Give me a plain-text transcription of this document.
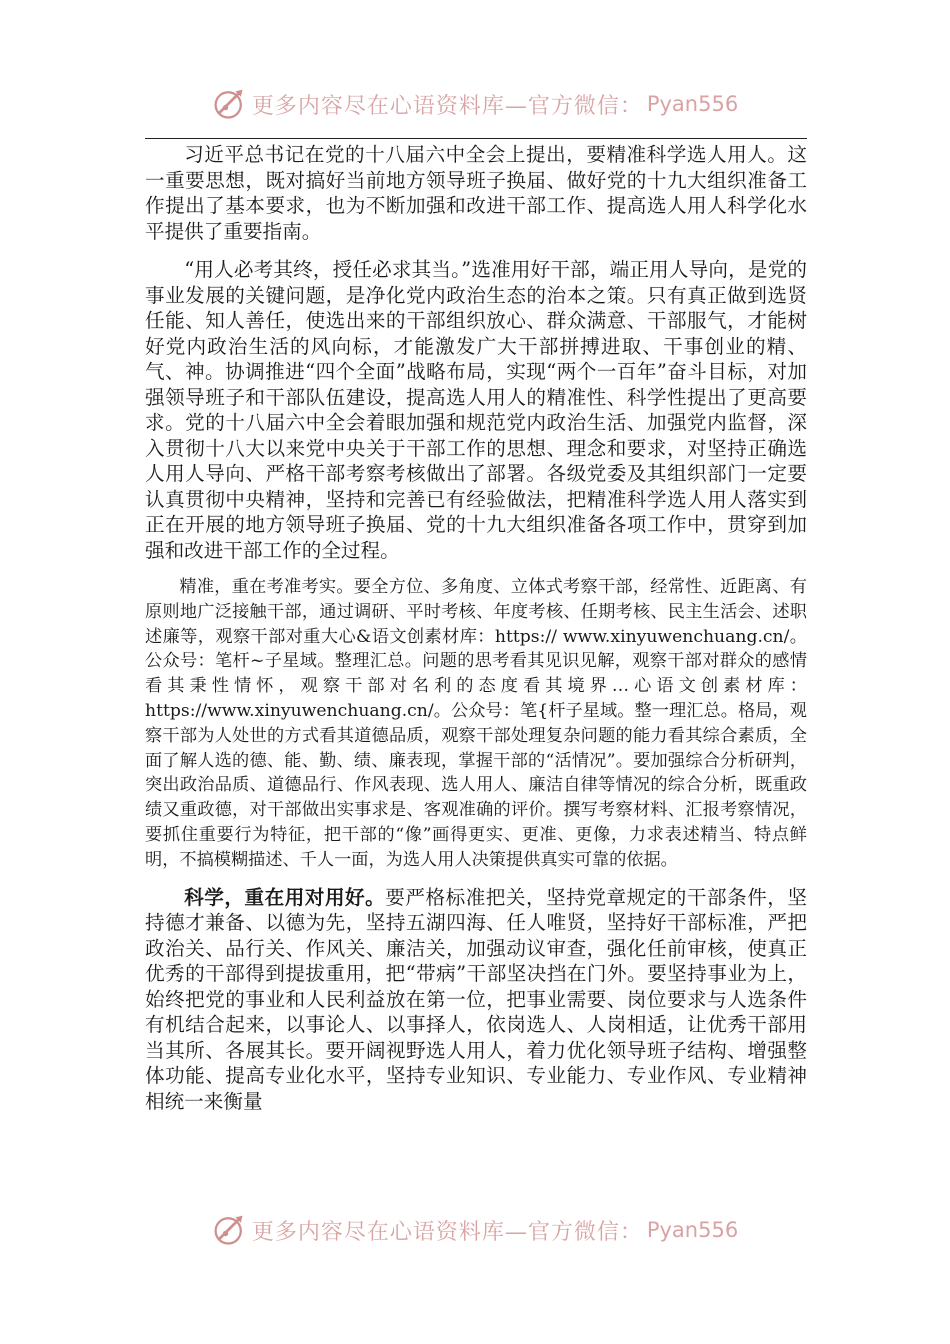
更多内容尽在心语资料库—官方微信： Pyan556

习近平总书记在党的十八届六中全会上提出，要精准科学选人用人。这一重要思想，既对搞好当前地方领导班子换届、做好党的十九大组织准备工作提出了基本要求，也为不断加强和改进干部工作、提高选人用人科学化水平提供了重要指南。

“用人必考其终，授任必求其当。”选准用好干部，端正用人导向，是党的事业发展的关键问题，是净化党内政治生态的治本之策。只有真正做到选贤任能、知人善任，使选出来的干部组织放心、群众满意、干部服气，才能树好党内政治生活的风向标，才能激发广大干部拼搏进取、干事创业的精、气、神。协调推进“四个全面”战略布局，实现“两个一百年”奋斗目标，对加强领导班子和干部队伍建设，提高选人用人的精准性、科学性提出了更高要求。党的十八届六中全会着眼加强和规范党内政治生活、加强党内监督，深入贯彻十八大以来党中央关于干部工作的思想、理念和要求，对坚持正确选人用人导向、严格干部考察考核做出了部署。各级党委及其组织部门一定要认真贯彻中央精神，坚持和完善已有经验做法，把精准科学选人用人落实到正在开展的地方领导班子换届、党的十九大组织准备各项工作中，贯穿到加强和改进干部工作的全过程。

精准，重在考准考实。要全方位、多角度、立体式考察干部，经常性、近距离、有原则地广泛接触干部，通过调研、平时考核、年度考核、任期考核、民主生活会、述职述廉等，观察干部对重大心&语文创素材库：https:// www.xinyuwenchuang.cn/。公众号：笔杆~子星域。整理汇总。问题的思考看其见识见解，观察干部对群众的感情看其秉性情怀，观察干部对名利的态度看其境界…心语文创素材库：https://www.xinyuwenchuang.cn/。公众号：笔{杆子星域。整一理汇总。格局，观察干部为人处世的方式看其道德品质，观察干部处理复杂问题的能力看其综合素质，全面了解人选的德、能、勤、绩、廉表现，掌握干部的“活情况”。要加强综合分析研判，突出政治品质、道德品行、作风表现、选人用人、廉洁自律等情况的综合分析，既重政绩又重政德，对干部做出实事求是、客观准确的评价。撰写考察材料、汇报考察情况，要抓住重要行为特征，把干部的“像”画得更实、更准、更像，力求表述精当、特点鲜明，不搞模糊描述、千人一面，为选人用人决策提供真实可靠的依据。

科学，重在用对用好。要严格标准把关，坚持党章规定的干部条件，坚持德才兼备、以德为先，坚持五湖四海、任人唯贤，坚持好干部标准，严把政治关、品行关、作风关、廉洁关，加强动议审查，强化任前审核，使真正优秀的干部得到提拔重用，把“带病”干部坚决挡在门外。要坚持事业为上，始终把党的事业和人民利益放在第一位，把事业需要、岗位要求与人选条件有机结合起来，以事论人、以事择人，依岗选人、人岗相适，让优秀干部用当其所、各展其长。要开阔视野选人用人，着力优化领导班子结构、增强整体功能、提高专业化水平，坚持专业知识、专业能力、专业作风、专业精神相统一来衡量

更多内容尽在心语资料库—官方微信： Pyan556
